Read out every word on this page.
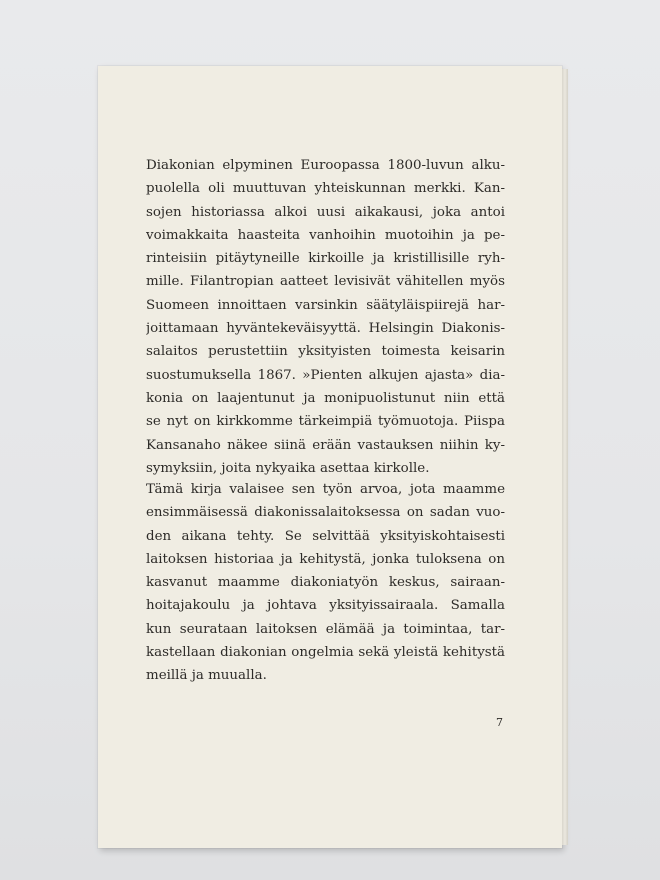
Diakonian elpyminen Euroopassa 1800-luvun alku-
puolella oli muuttuvan yhteiskunnan merkki. Kan-
sojen historiassa alkoi uusi aikakausi, joka antoi
voimakkaita haasteita vanhoihin muotoihin ja pe-
rinteisiin pitäytyneille kirkoille ja kristillisille ryh-
mille. Filantropian aatteet levisivät vähitellen myös
Suomeen innoittaen varsinkin säätyläispiirejä har-
joittamaan hyväntekeväisyyttä. Helsingin Diakonis-
salaitos perustettiin yksityisten toimesta keisarin
suostumuksella 1867. »Pienten alkujen ajasta» dia-
konia on laajentunut ja monipuolistunut niin että
se nyt on kirkkomme tärkeimpiä työmuotoja. Piispa
Kansanaho näkee siinä erään vastauksen niihin ky-
symyksiin, joita nykyaika asettaa kirkolle.
Tämä kirja valaisee sen työn arvoa, jota maamme
ensimmäisessä diakonissalaitoksessa on sadan vuo-
den aikana tehty. Se selvittää yksityiskohtaisesti
laitoksen historiaa ja kehitystä, jonka tuloksena on
kasvanut maamme diakoniatyön keskus, sairaan-
hoitajakoulu ja johtava yksityissairaala. Samalla
kun seurataan laitoksen elämää ja toimintaa, tar-
kastellaan diakonian ongelmia sekä yleistä kehitystä
meillä ja muualla.
7
